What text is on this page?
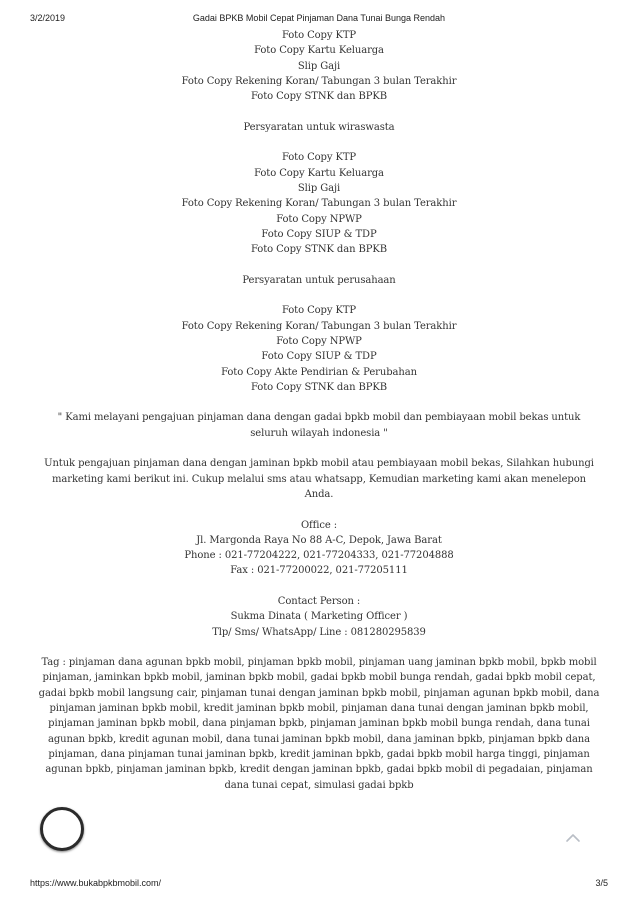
3/2/2019	Gadai BPKB Mobil Cepat Pinjaman Dana Tunai Bunga Rendah
Foto Copy KTP
Foto Copy Kartu Keluarga
Slip Gaji
Foto Copy Rekening Koran/ Tabungan 3 bulan Terakhir
Foto Copy STNK dan BPKB
Persyaratan untuk wiraswasta
Foto Copy KTP
Foto Copy Kartu Keluarga
Slip Gaji
Foto Copy Rekening Koran/ Tabungan 3 bulan Terakhir
Foto Copy NPWP
Foto Copy SIUP & TDP
Foto Copy STNK dan BPKB
Persyaratan untuk perusahaan
Foto Copy KTP
Foto Copy Rekening Koran/ Tabungan 3 bulan Terakhir
Foto Copy NPWP
Foto Copy SIUP & TDP
Foto Copy Akte Pendirian & Perubahan
Foto Copy STNK dan BPKB
" Kami melayani pengajuan pinjaman dana dengan gadai bpkb mobil dan pembiayaan mobil bekas untuk seluruh wilayah indonesia "
Untuk pengajuan pinjaman dana dengan jaminan bpkb mobil atau pembiayaan mobil bekas, Silahkan hubungi marketing kami berikut ini. Cukup melalui sms atau whatsapp, Kemudian marketing kami akan menelepon Anda.
Office :
Jl. Margonda Raya No 88 A-C, Depok, Jawa Barat
Phone : 021-77204222, 021-77204333, 021-77204888
Fax : 021-77200022, 021-77205111
Contact Person :
Sukma Dinata ( Marketing Officer )
Tlp/ Sms/ WhatsApp/ Line : 081280295839
Tag : pinjaman dana agunan bpkb mobil, pinjaman bpkb mobil, pinjaman uang jaminan bpkb mobil, bpkb mobil pinjaman, jaminkan bpkb mobil, jaminan bpkb mobil, gadai bpkb mobil bunga rendah, gadai bpkb mobil cepat, gadai bpkb mobil langsung cair, pinjaman tunai dengan jaminan bpkb mobil, pinjaman agunan bpkb mobil, dana pinjaman jaminan bpkb mobil, kredit jaminan bpkb mobil, pinjaman dana tunai dengan jaminan bpkb mobil, pinjaman jaminan bpkb mobil, dana pinjaman bpkb, pinjaman jaminan bpkb mobil bunga rendah, dana tunai agunan bpkb, kredit agunan mobil, dana tunai jaminan bpkb mobil, dana jaminan bpkb, pinjaman bpkb dana pinjaman, dana pinjaman tunai jaminan bpkb, kredit jaminan bpkb, gadai bpkb mobil harga tinggi, pinjaman agunan bpkb, pinjaman jaminan bpkb, kredit dengan jaminan bpkb, gadai bpkb mobil di pegadaian, pinjaman dana tunai cepat, simulasi gadai bpkb
https://www.bukabpkbmobil.com/	3/5
